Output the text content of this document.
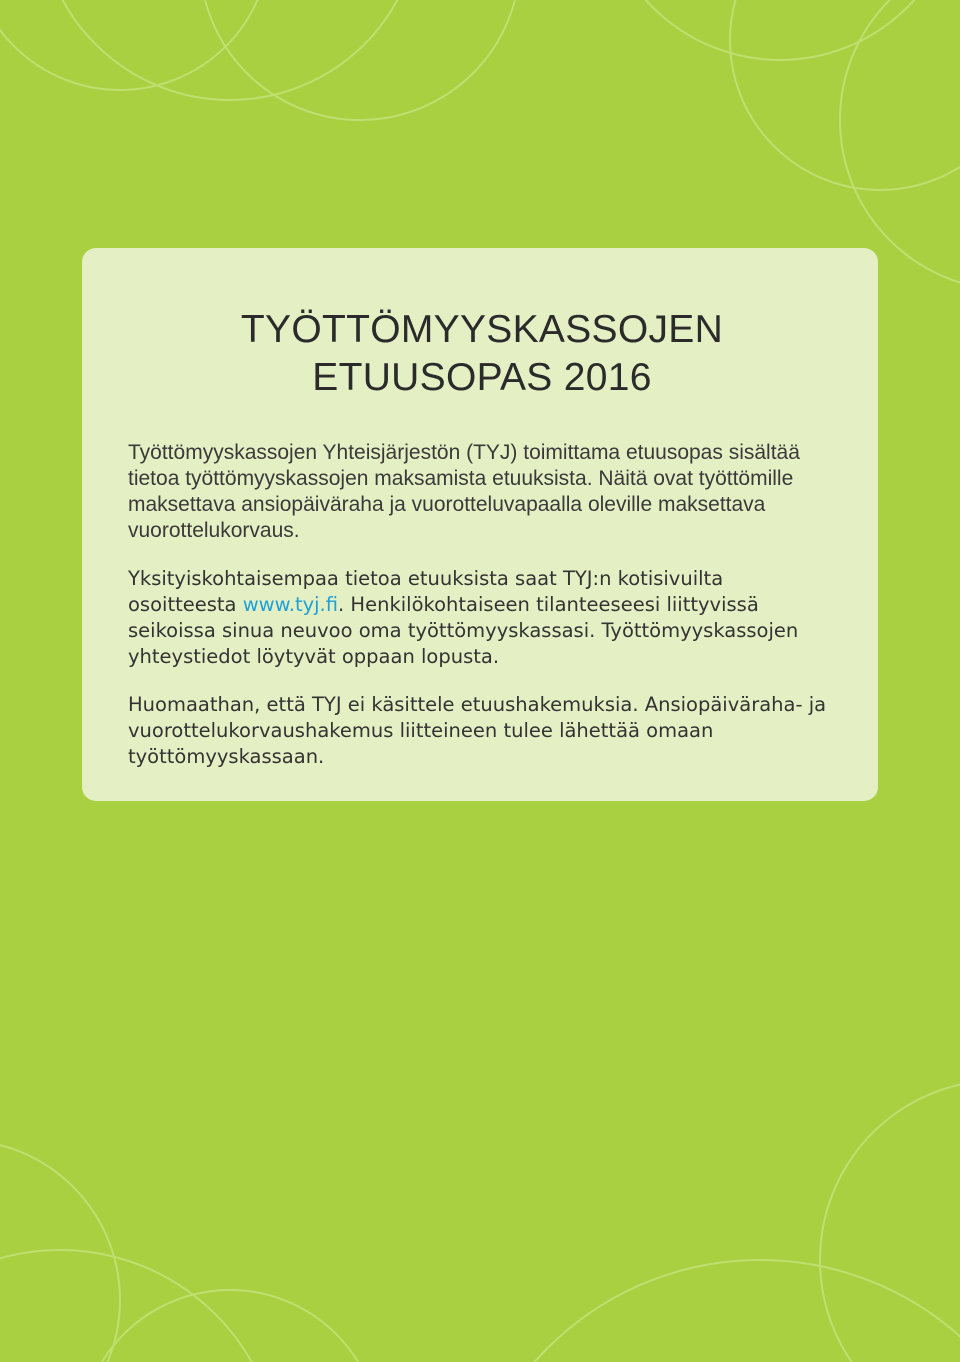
TYÖTTÖMYYSKASSOJEN
ETUUSOPAS 2016

Työttömyyskassojen Yhteisjärjestön (TYJ) toimittama etuusopas sisältää tietoa työttömyyskassojen maksamista etuuksista. Näitä ovat työttömille maksettava ansiopäiväraha ja vuorotteluvapaalla oleville maksettava vuorottelukorvaus.

Yksityiskohtaisempaa tietoa etuuksista saat TYJ:n kotisivuilta osoitteesta www.tyj.fi. Henkilökohtaiseen tilanteeseesi liittyvissä seikoissa sinua neuvoo oma työttömyyskassasi. Työttömyyskassojen yhteystiedot löytyvät oppaan lopusta.

Huomaathan, että TYJ ei käsittele etuushakemuksia. Ansiopäiväraha- ja vuorottelukorvaushakemus liitteineen tulee lähettää omaan työttömyyskassaan.
